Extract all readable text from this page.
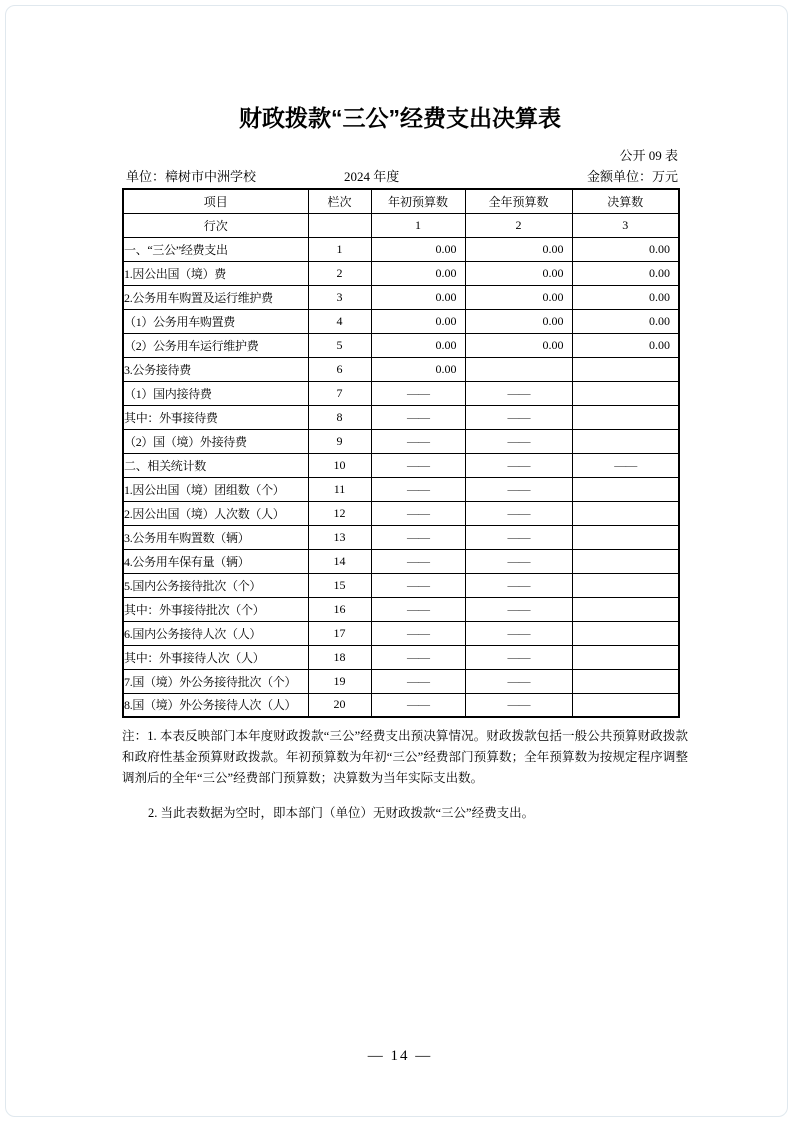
财政拨款“三公”经费支出决算表
公开 09 表
单位：樟树市中洲学校	2024 年度	金额单位：万元
项目	栏次	年初预算数	全年预算数	决算数
行次		1	2	3
一、“三公”经费支出	1	0.00	0.00	0.00
1.因公出国（境）费	2	0.00	0.00	0.00
2.公务用车购置及运行维护费	3	0.00	0.00	0.00
（1）公务用车购置费	4	0.00	0.00	0.00
（2）公务用车运行维护费	5	0.00	0.00	0.00
3.公务接待费	6	0.00		
（1）国内接待费	7	——	——	
其中：外事接待费	8	——	——	
（2）国（境）外接待费	9	——	——	
二、相关统计数	10	——	——	——
1.因公出国（境）团组数（个）	11	——	——	
2.因公出国（境）人次数（人）	12	——	——	
3.公务用车购置数（辆）	13	——	——	
4.公务用车保有量（辆）	14	——	——	
5.国内公务接待批次（个）	15	——	——	
其中：外事接待批次（个）	16	——	——	
6.国内公务接待人次（人）	17	——	——	
其中：外事接待人次（人）	18	——	——	
7.国（境）外公务接待批次（个）	19	——	——	
8.国（境）外公务接待人次（人）	20	——	——	

注：1. 本表反映部门本年度财政拨款“三公”经费支出预决算情况。财政拨款包括一般公共预算财政拨款和政府性基金预算财政拨款。年初预算数为年初“三公”经费部门预算数；全年预算数为按规定程序调整调剂后的全年“三公”经费部门预算数；决算数为当年实际支出数。

2. 当此表数据为空时，即本部门（单位）无财政拨款“三公”经费支出。

— 14 —
